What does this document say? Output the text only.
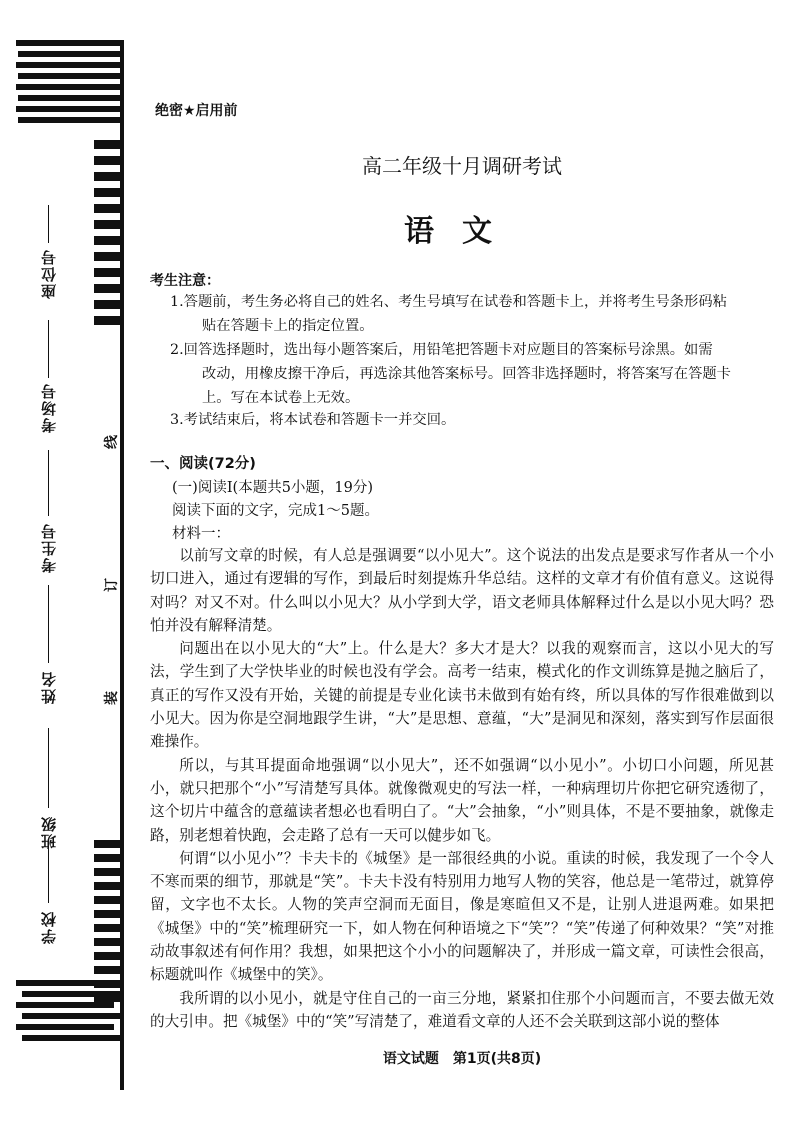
座位号
考场号
考生号
姓名
班级
学校
线
订
装
绝密★启用前
高二年级十月调研考试
语文
考生注意：
1.答题前，考生务必将自己的姓名、考生号填写在试卷和答题卡上，并将考生号条形码粘
贴在答题卡上的指定位置。
2.回答选择题时，选出每小题答案后，用铅笔把答题卡对应题目的答案标号涂黑。如需
改动，用橡皮擦干净后，再选涂其他答案标号。回答非选择题时，将答案写在答题卡
上。写在本试卷上无效。
3.考试结束后，将本试卷和答题卡一并交回。
一、阅读(72分)
(一)阅读Ⅰ(本题共5小题，19分)
阅读下面的文字，完成1～5题。
材料一：

以前写文章的时候，有人总是强调要“以小见大”。这个说法的出发点是要求写作者从一个小切口进入，通过有逻辑的写作，到最后时刻提炼升华总结。这样的文章才有价值有意义。这说得对吗？对又不对。什么叫以小见大？从小学到大学，语文老师具体解释过什么是以小见大吗？恐怕并没有解释清楚。

问题出在以小见大的“大”上。什么是大？多大才是大？以我的观察而言，这以小见大的写法，学生到了大学快毕业的时候也没有学会。高考一结束，模式化的作文训练算是抛之脑后了，真正的写作又没有开始，关键的前提是专业化读书未做到有始有终，所以具体的写作很难做到以小见大。因为你是空洞地跟学生讲，“大”是思想、意蕴，“大”是洞见和深刻，落实到写作层面很难操作。

所以，与其耳提面命地强调“以小见大”，还不如强调“以小见小”。小切口小问题，所见甚小，就只把那个“小”写清楚写具体。就像微观史的写法一样，一种病理切片你把它研究透彻了，这个切片中蕴含的意蕴读者想必也看明白了。“大”会抽象，“小”则具体，不是不要抽象，就像走路，别老想着快跑，会走路了总有一天可以健步如飞。

何谓“以小见小”？卡夫卡的《城堡》是一部很经典的小说。重读的时候，我发现了一个令人不寒而栗的细节，那就是“笑”。卡夫卡没有特别用力地写人物的笑容，他总是一笔带过，就算停留，文字也不太长。人物的笑声空洞而无面目，像是寒暄但又不是，让别人进退两难。如果把《城堡》中的“笑”梳理研究一下，如人物在何种语境之下“笑”？“笑”传递了何种效果？“笑”对推动故事叙述有何作用？我想，如果把这个小小的问题解决了，并形成一篇文章，可读性会很高，标题就叫作《城堡中的笑》。

我所谓的以小见小，就是守住自己的一亩三分地，紧紧扣住那个小问题而言，不要去做无效的大引申。把《城堡》中的“笑”写清楚了，难道看文章的人还不会关联到这部小说的整体

语文试题　第1页(共8页)
